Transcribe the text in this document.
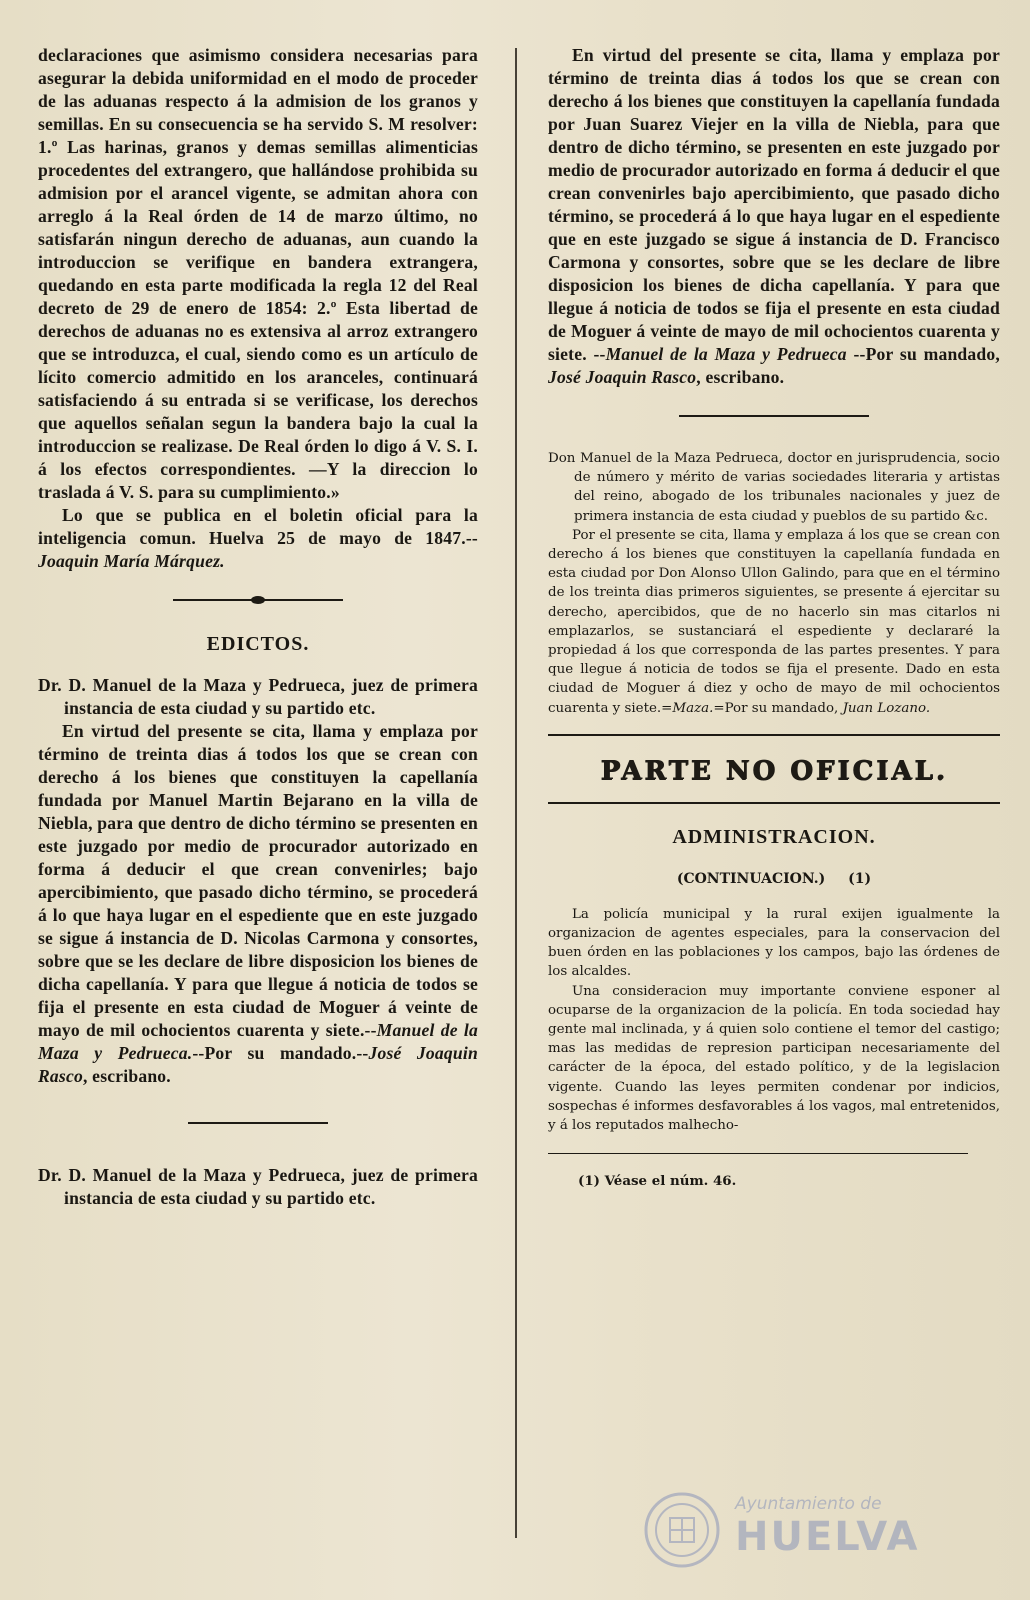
declaraciones que asimismo considera necesarias para asegurar la debida uniformidad en el modo de proceder de las aduanas respecto á la admision de los granos y semillas. En su consecuencia se ha servido S. M resolver: 1.º Las harinas, granos y demas semillas alimenticias procedentes del extrangero, que hallándose prohibida su admision por el arancel vigente, se admitan ahora con arreglo á la Real órden de 14 de marzo último, no satisfarán ningun derecho de aduanas, aun cuando la introduccion se verifique en bandera extrangera, quedando en esta parte modificada la regla 12 del Real decreto de 29 de enero de 1854: 2.º Esta libertad de derechos de aduanas no es extensiva al arroz extrangero que se introduzca, el cual, siendo como es un artículo de lícito comercio admitido en los aranceles, continuará satisfaciendo á su entrada si se verificase, los derechos que aquellos señalan segun la bandera bajo la cual la introduccion se realizase. De Real órden lo digo á V. S. I. á los efectos correspondientes. —Y la direccion lo traslada á V. S. para su cumplimiento.»

Lo que se publica en el boletin oficial para la inteligencia comun. Huelva 25 de mayo de 1847.--Joaquin María Márquez.

EDICTOS.

Dr. D. Manuel de la Maza y Pedrueca, juez de primera instancia de esta ciudad y su partido etc.

En virtud del presente se cita, llama y emplaza por término de treinta dias á todos los que se crean con derecho á los bienes que constituyen la capellanía fundada por Manuel Martin Bejarano en la villa de Niebla, para que dentro de dicho término se presenten en este juzgado por medio de procurador autorizado en forma á deducir el que crean convenirles; bajo apercibimiento, que pasado dicho término, se procederá á lo que haya lugar en el espediente que en este juzgado se sigue á instancia de D. Nicolas Carmona y consortes, sobre que se les declare de libre disposicion los bienes de dicha capellanía. Y para que llegue á noticia de todos se fija el presente en esta ciudad de Moguer á veinte de mayo de mil ochocientos cuarenta y siete.--Manuel de la Maza y Pedrueca.--Por su mandado.--José Joaquin Rasco, escribano.

Dr. D. Manuel de la Maza y Pedrueca, juez de primera instancia de esta ciudad y su partido etc.

En virtud del presente se cita, llama y emplaza por término de treinta dias á todos los que se crean con derecho á los bienes que constituyen la capellanía fundada por Juan Suarez Viejer en la villa de Niebla, para que dentro de dicho término, se presenten en este juzgado por medio de procurador autorizado en forma á deducir el que crean convenirles bajo apercibimiento, que pasado dicho término, se procederá á lo que haya lugar en el espediente que en este juzgado se sigue á instancia de D. Francisco Carmona y consortes, sobre que se les declare de libre disposicion los bienes de dicha capellanía. Y para que llegue á noticia de todos se fija el presente en esta ciudad de Moguer á veinte de mayo de mil ochocientos cuarenta y siete. --Manuel de la Maza y Pedrueca --Por su mandado, José Joaquin Rasco, escribano.

Don Manuel de la Maza Pedrueca, doctor en jurisprudencia, socio de número y mérito de varias sociedades literaria y artistas del reino, abogado de los tribunales nacionales y juez de primera instancia de esta ciudad y pueblos de su partido &c.

Por el presente se cita, llama y emplaza á los que se crean con derecho á los bienes que constituyen la capellanía fundada en esta ciudad por Don Alonso Ullon Galindo, para que en el término de los treinta dias primeros siguientes, se presente á ejercitar su derecho, apercibidos, que de no hacerlo sin mas citarlos ni emplazarlos, se sustanciará el espediente y declararé la propiedad á los que corresponda de las partes presentes. Y para que llegue á noticia de todos se fija el presente. Dado en esta ciudad de Moguer á diez y ocho de mayo de mil ochocientos cuarenta y siete.=Maza.=Por su mandado, Juan Lozano.

PARTE NO OFICIAL.
ADMINISTRACION.
(CONTINUACION.) (1)

La policía municipal y la rural exijen igualmente la organizacion de agentes especiales, para la conservacion del buen órden en las poblaciones y los campos, bajo las órdenes de los alcaldes.

Una consideracion muy importante conviene esponer al ocuparse de la organizacion de la policía. En toda sociedad hay gente mal inclinada, y á quien solo contiene el temor del castigo; mas las medidas de represion participan necesariamente del carácter de la época, del estado político, y de la legislacion vigente. Cuando las leyes permiten condenar por indicios, sospechas é informes desfavorables á los vagos, mal entretenidos, y á los reputados malhecho-

(1) Véase el núm. 46.

Ayuntamiento de
HUELVA
